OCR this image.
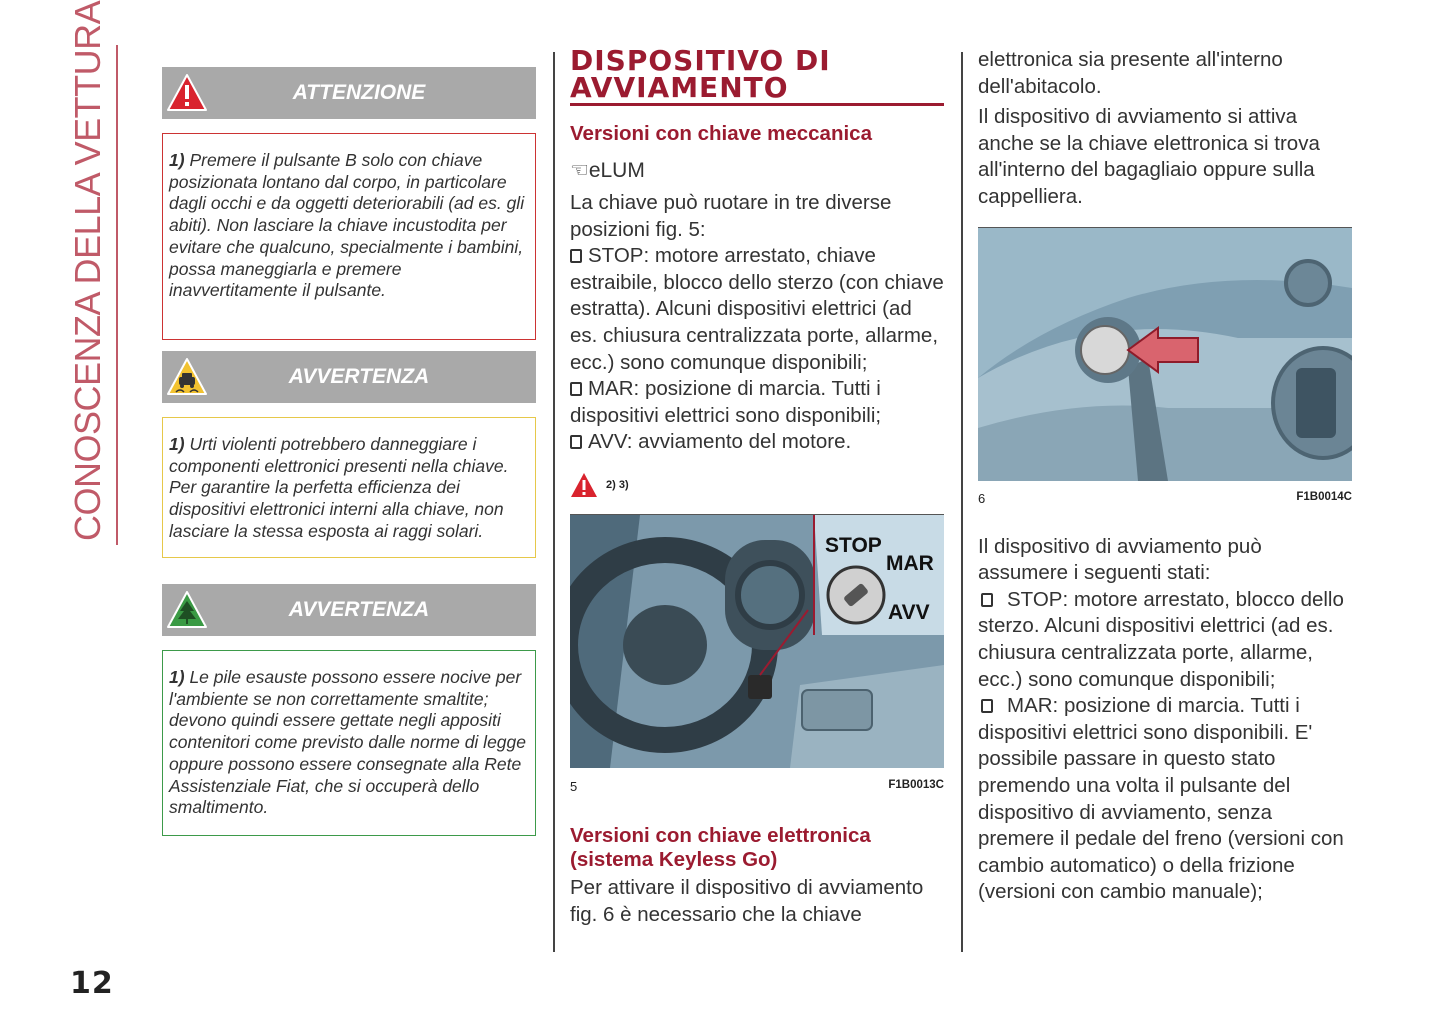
CONOSCENZA DELLA VETTURA
12
ATTENZIONE
1) Premere il pulsante B solo con chiave posizionata lontano dal corpo, in particolare dagli occhi e da oggetti deteriorabili (ad es. gli abiti). Non lasciare la chiave incustodita per evitare che qualcuno, specialmente i bambini, possa maneggiarla e premere inavvertitamente il pulsante.
AVVERTENZA
1) Urti violenti potrebbero danneggiare i componenti elettronici presenti nella chiave. Per garantire la perfetta efficienza dei dispositivi elettronici interni alla chiave, non lasciare la stessa esposta ai raggi solari.
AVVERTENZA
1) Le pile esauste possono essere nocive per l'ambiente se non correttamente smaltite; devono quindi essere gettate negli appositi contenitori come previsto dalle norme di legge oppure possono essere consegnate alla Rete Assistenziale Fiat, che si occuperà dello smaltimento.
DISPOSITIVO DI
AVVIAMENTO
Versioni con chiave meccanica
☜eLUM
La chiave può ruotare in tre diverse posizioni fig. 5:
STOP: motore arrestato, chiave estraibile, blocco dello sterzo (con chiave estratta). Alcuni dispositivi elettrici (ad es. chiusura centralizzata porte, allarme, ecc.) sono comunque disponibili;
MAR: posizione di marcia. Tutti i dispositivi elettrici sono disponibili;
AVV: avviamento del motore.
2) 3)
STOP
MAR
AVV
5	F1B0013C
Versioni con chiave elettronica (sistema Keyless Go)
Per attivare il dispositivo di avviamento fig. 6 è necessario che la chiave
elettronica sia presente all'interno dell'abitacolo.
Il dispositivo di avviamento si attiva anche se la chiave elettronica si trova all'interno del bagagliaio oppure sulla cappelliera.
6	F1B0014C
Il dispositivo di avviamento può assumere i seguenti stati:
STOP: motore arrestato, blocco dello sterzo. Alcuni dispositivi elettrici (ad es. chiusura centralizzata porte, allarme, ecc.) sono comunque disponibili;
MAR: posizione di marcia. Tutti i dispositivi elettrici sono disponibili. E' possibile passare in questo stato premendo una volta il pulsante del dispositivo di avviamento, senza premere il pedale del freno (versioni con cambio automatico) o della frizione (versioni con cambio manuale);
